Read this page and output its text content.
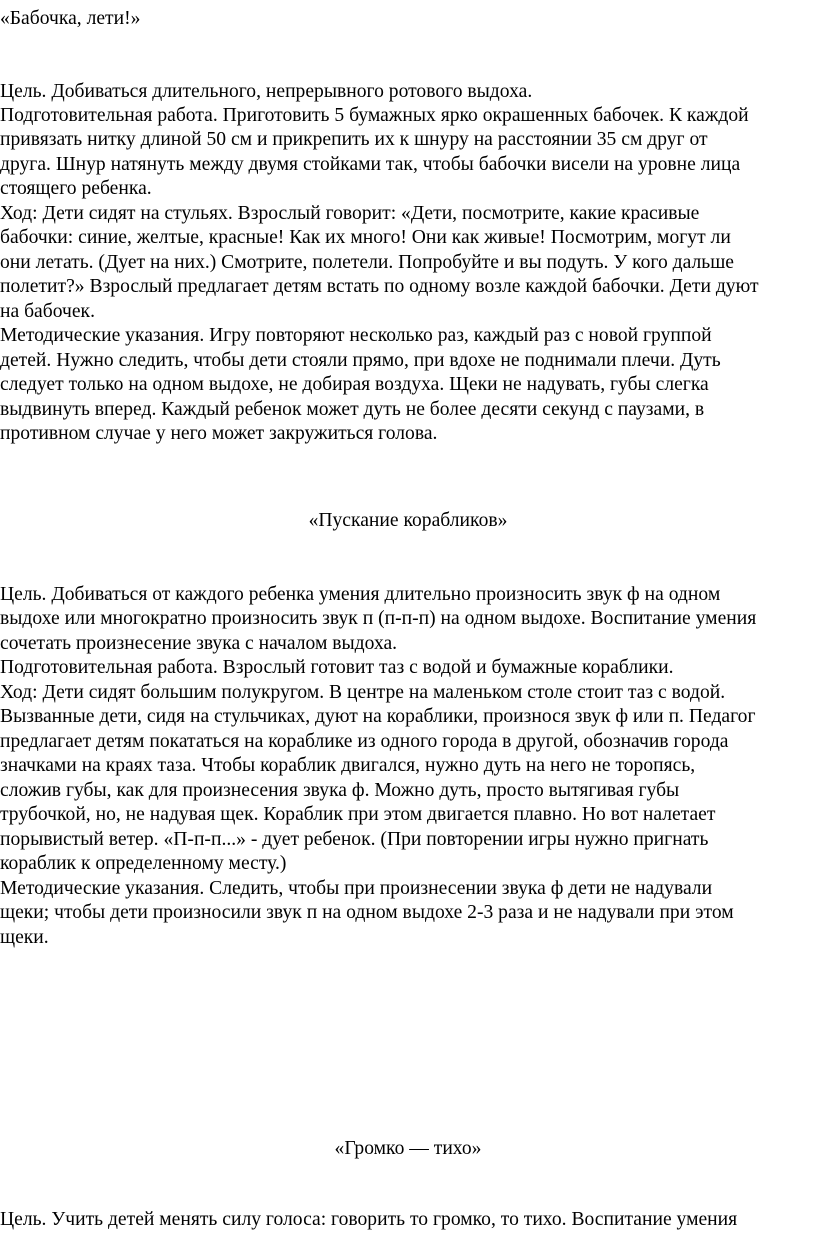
«Бабочка, лети!»
Цель. Добиваться длительного, непрерывного ротового выдоха.
Подготовительная работа. Приготовить 5 бумажных ярко окрашенных бабочек. К каждой
привязать нитку длиной 50 см и прикрепить их к шнуру на расстоянии 35 см друг от
друга. Шнур натянуть между двумя стойками так, чтобы бабочки висели на уровне лица
стоящего ребенка.
Ход: Дети сидят на стульях. Взрослый говорит: «Дети, посмотрите, какие красивые
бабочки: синие, желтые, красные! Как их много! Они как живые! Посмотрим, могут ли
они летать. (Дует на них.) Смотрите, полетели. Попробуйте и вы подуть. У кого дальше
полетит?» Взрослый предлагает детям встать по одному возле каждой бабочки. Дети дуют
на бабочек.
Методические указания. Игру повторяют несколько раз, каждый раз с новой группой
детей. Нужно следить, чтобы дети стояли прямо, при вдохе не поднимали плечи. Дуть
следует только на одном выдохе, не добирая воздуха. Щеки не надувать, губы слегка
выдвинуть вперед. Каждый ребенок может дуть не более десяти секунд с паузами, в
противном случае у него может закружиться голова.
«Пускание корабликов»
Цель. Добиваться от каждого ребенка умения длительно произносить звук ф на одном
выдохе или многократно произносить звук п (п-п-п) на одном выдохе. Воспитание умения
сочетать произнесение звука с началом выдоха.
Подготовительная работа. Взрослый готовит таз с водой и бумажные кораблики.
Ход: Дети сидят большим полукругом. В центре на маленьком столе стоит таз с водой.
Вызванные дети, сидя на стульчиках, дуют на кораблики, произнося звук ф или п. Педагог
предлагает детям покататься на кораблике из одного города в другой, обозначив города
значками на краях таза. Чтобы кораблик двигался, нужно дуть на него не торопясь,
сложив губы, как для произнесения звука ф. Можно дуть, просто вытягивая губы
трубочкой, но, не надувая щек. Кораблик при этом двигается плавно. Но вот налетает
порывистый ветер. «П-п-п...» - дует ребенок. (При повторении игры нужно пригнать
кораблик к определенному месту.)
Методические указания. Следить, чтобы при произнесении звука ф дети не надували
щеки; чтобы дети произносили звук п на одном выдохе 2-3 раза и не надували при этом
щеки.
«Громко — тихо»
Цель. Учить детей менять силу голоса: говорить то громко, то тихо. Воспитание умения
